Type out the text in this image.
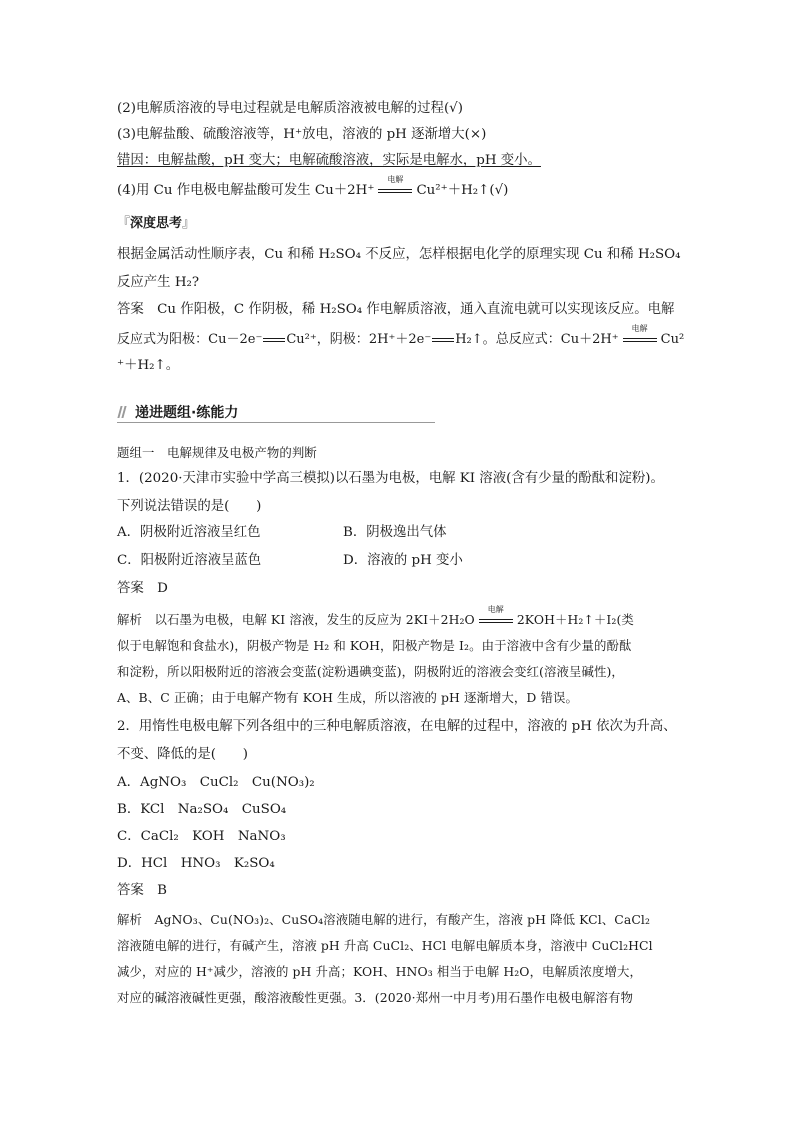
(2)电解质溶液的导电过程就是电解质溶液被电解的过程(√)
(3)电解盐酸、硫酸溶液等，H⁺放电，溶液的 pH 逐渐增大(×)
错因：电解盐酸，pH 变大；电解硫酸溶液，实际是电解水，pH 变小。
(4)用 Cu 作电极电解盐酸可发生 Cu＋2H⁺
电解
Cu²⁺＋H₂↑(√)
『深度思考』
根据金属活动性顺序表，Cu 和稀 H₂SO₄ 不反应，怎样根据电化学的原理实现 Cu 和稀 H₂SO₄
反应产生 H₂?
答案　Cu 作阳极，C 作阴极，稀 H₂SO₄ 作电解质溶液，通入直流电就可以实现该反应。电解
反应式为阳极：Cu－2e⁻ Cu²⁺，阴极：2H⁺＋2e⁻ H₂↑。总反应式：Cu＋2H⁺
电解
Cu²
⁺＋H₂↑。
递进题组·练能力
题组一　电解规律及电极产物的判断
1．(2020·天津市实验中学高三模拟)以石墨为电极，电解 KI 溶液(含有少量的酚酞和淀粉)。
下列说法错误的是(　　)
A．阴极附近溶液呈红色	B．阴极逸出气体
C．阳极附近溶液呈蓝色	D．溶液的 pH 变小
答案　D
解析　以石墨为电极，电解 KI 溶液，发生的反应为 2KI＋2H₂O
电解
2KOH＋H₂↑＋I₂(类
似于电解饱和食盐水)，阴极产物是 H₂ 和 KOH，阳极产物是 I₂。由于溶液中含有少量的酚酞
和淀粉，所以阳极附近的溶液会变蓝(淀粉遇碘变蓝)，阴极附近的溶液会变红(溶液呈碱性)，
A、B、C 正确；由于电解产物有 KOH 生成，所以溶液的 pH 逐渐增大，D 错误。
2．用惰性电极电解下列各组中的三种电解质溶液，在电解的过程中，溶液的 pH 依次为升高、
不变、降低的是(　　)
A．AgNO₃　CuCl₂　Cu(NO₃)₂
B．KCl　Na₂SO₄　CuSO₄
C．CaCl₂　KOH　NaNO₃
D．HCl　HNO₃　K₂SO₄
答案　B
解析　AgNO₃、Cu(NO₃)₂、CuSO₄溶液随电解的进行，有酸产生，溶液 pH 降低 KCl、CaCl₂
溶液随电解的进行，有碱产生，溶液 pH 升高 CuCl₂、HCl 电解电解质本身，溶液中 CuCl₂HCl
减少，对应的 H⁺减少，溶液的 pH 升高；KOH、HNO₃ 相当于电解 H₂O，电解质浓度增大，
对应的碱溶液碱性更强，酸溶液酸性更强。3．(2020·郑州一中月考)用石墨作电极电解溶有物
